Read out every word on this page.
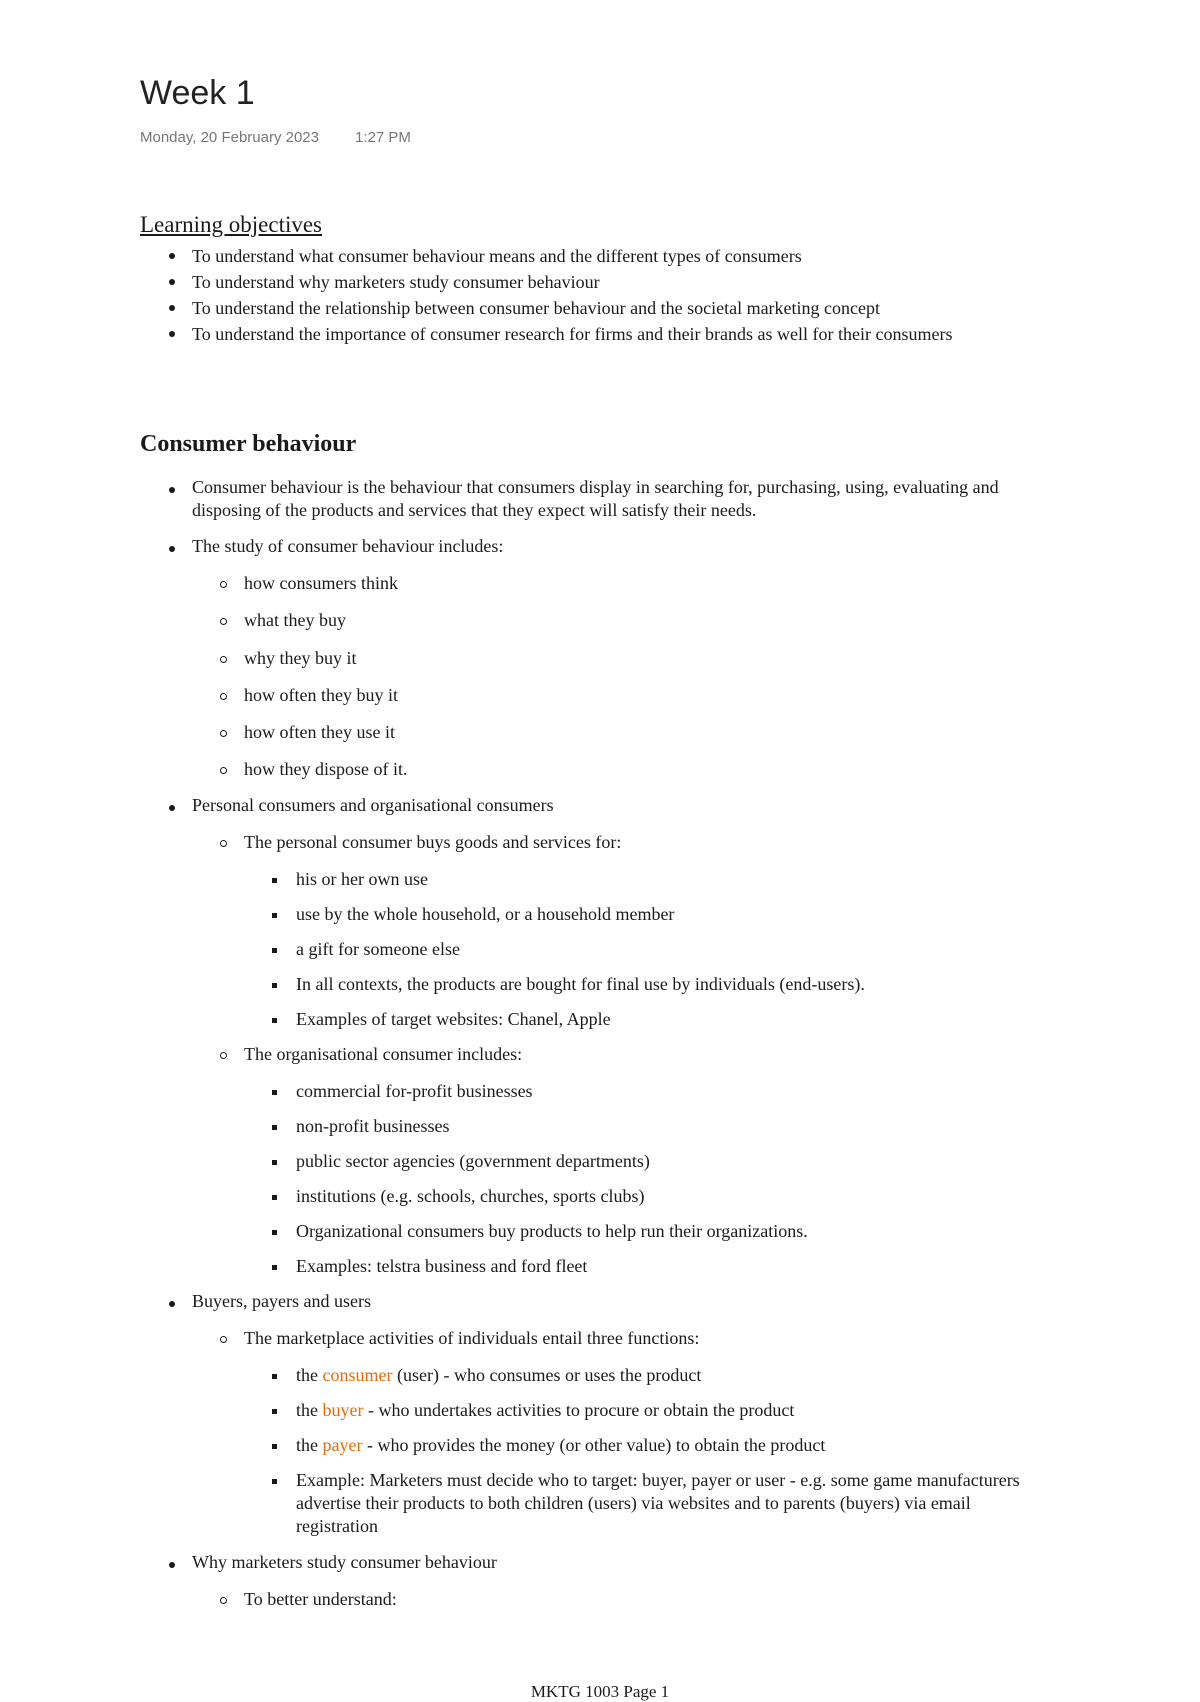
Week 1
Monday, 20 February 2023 1:27 PM
Learning objectives
To understand what consumer behaviour means and the different types of consumers
To understand why marketers study consumer behaviour
To understand the relationship between consumer behaviour and the societal marketing concept
To understand the importance of consumer research for firms and their brands as well for their consumers
Consumer behaviour
Consumer behaviour is the behaviour that consumers display in searching for, purchasing, using, evaluating and
disposing of the products and services that they expect will satisfy their needs.
The study of consumer behaviour includes:
how consumers think
what they buy
why they buy it
how often they buy it
how often they use it
how they dispose of it.
Personal consumers and organisational consumers
The personal consumer buys goods and services for:
his or her own use
use by the whole household, or a household member
a gift for someone else
In all contexts, the products are bought for final use by individuals (end-users).
Examples of target websites: Chanel, Apple
The organisational consumer includes:
commercial for-profit businesses
non-profit businesses
public sector agencies (government departments)
institutions (e.g. schools, churches, sports clubs)
Organizational consumers buy products to help run their organizations.
Examples: telstra business and ford fleet
Buyers, payers and users
The marketplace activities of individuals entail three functions:
the consumer (user) - who consumes or uses the product
the buyer - who undertakes activities to procure or obtain the product
the payer - who provides the money (or other value) to obtain the product
Example: Marketers must decide who to target: buyer, payer or user - e.g. some game manufacturers
advertise their products to both children (users) via websites and to parents (buyers) via email
registration
Why marketers study consumer behaviour
To better understand:
MKTG 1003 Page 1
